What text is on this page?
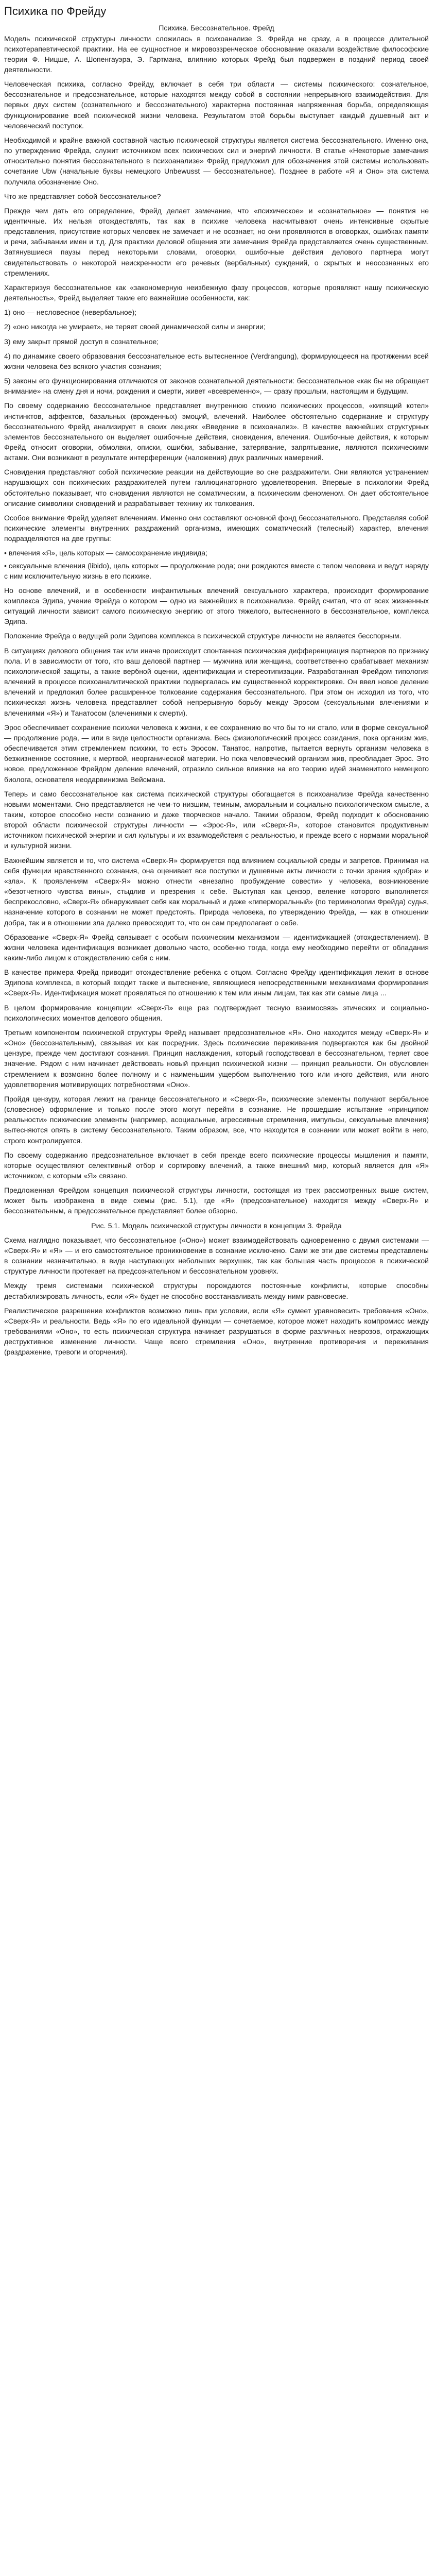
Психика по Фрейду
Психика. Бессознательное. Фрейд

Модель психической структуры личности сложилась в психоанализе З. Фрейда не сразу, а в процессе длительной психотерапевтической практики. На ее сущностное и мировоззренческое обоснование оказали воздействие философские теории Ф. Ницше, А. Шопенгауэра, Э. Гартмана, влиянию которых Фрейд был подвержен в поздний период своей деятельности.

Человеческая психика, согласно Фрейду, включает в себя три области — системы психического: сознательное, бессознательное и предсознательное, которые находятся между собой в состоянии непрерывного взаимодействия. Для первых двух систем (сознательного и бессознательного) характерна постоянная напряженная борьба, определяющая функционирование всей психической жизни человека. Результатом этой борьбы выступает каждый душевный акт и человеческий поступок.

Необходимой и крайне важной составной частью психической структуры является система бессознательного. Именно она, по утверждению Фрейда, служит источником всех психических сил и энергий личности. В статье «Некоторые замечания относительно понятия бессознательного в психоанализе» Фрейд предложил для обозначения этой системы использовать сочетание Ubw (начальные буквы немецкого Unbewusst — бессознательное). Позднее в работе «Я и Оно» эта система получила обозначение Оно.

Что же представляет собой бессознательное?

Прежде чем дать его определение, Фрейд делает замечание, что «психическое» и «сознательное» — понятия не идентичные. Их нельзя отождествлять, так как в психике человека насчитывают очень интенсивные скрытые представления, присутствие которых человек не замечает и не осознает, но они проявляются в оговорках, ошибках памяти и речи, забывании имен и т.д. Для практики деловой общения эти замечания Фрейда представляется очень существенным. Затянувшиеся паузы перед некоторыми словами, оговорки, ошибочные действия делового партнера могут свидетельствовать о некоторой неискренности его речевых (вербальных) суждений, о скрытых и неосознанных его стремлениях.

Характеризуя бессознательное как «закономерную неизбежную фазу процессов, которые проявляют нашу психическую деятельность», Фрейд выделяет такие его важнейшие особенности, как:

1) оно — несловесное (невербальное);

2) «оно никогда не умирает», не теряет своей динамической силы и энергии;

3) ему закрыт прямой доступ в сознательное;

4) по динамике своего образования бессознательное есть вытесненное (Verdrangung), формирующееся на протяжении всей жизни человека без всякого участия сознания;

5) законы его функционирования отличаются от законов сознательной деятельности: бессознательное «как бы не обращает внимание» на смену дня и ночи, рождения и смерти, живет «всевременно», — сразу прошлым, настоящим и будущим.

По своему содержанию бессознательное представляет внутреннюю стихию психических процессов, «кипящий котел» инстинктов, аффектов, базальных (врожденных) эмоций, влечений. Наиболее обстоятельно содержание и структуру бессознательного Фрейд анализирует в своих лекциях «Введение в психоанализ». В качестве важнейших структурных элементов бессознательного он выделяет ошибочные действия, сновидения, влечения. Ошибочные действия, к которым Фрейд относит оговорки, обмолвки, описки, ошибки, забывание, затерявание, запрятывание, являются психическими актами. Они возникают в результате интерференции (наложения) двух различных намерений.

Сновидения представляют собой психические реакции на действующие во сне раздражители. Они являются устранением нарушающих сон психических раздражителей путем галлюцинаторного удовлетворения. Впервые в психологии Фрейд обстоятельно показывает, что сновидения являются не соматическим, а психическим феноменом. Он дает обстоятельное описание символики сновидений и разрабатывает технику их толкования.

Особое внимание Фрейд уделяет влечениям. Именно они составляют основной фонд бессознательного. Представляя собой психические элементы внутренних раздражений организма, имеющих соматический (телесный) характер, влечения подразделяются на две группы:

• влечения «Я», цель которых — самосохранение индивида;
• сексуальные влечения (libido), цель которых — продолжение рода; они рождаются вместе с телом человека и ведут наряду с ним исключительную жизнь в его психике.

Но основе влечений, и в особенности инфантильных влечений сексуального характера, происходит формирование комплекса Эдипа, учение Фрейда о котором — одно из важнейших в психоанализе. Фрейд считал, что от всех жизненных ситуаций личности зависит самого психическую энергию от этого тяжелого, вытесненного в бессознательное, комплекса Эдипа.

Положение Фрейда о ведущей роли Эдипова комплекса в психической структуре личности не является бесспорным.

В ситуациях делового общения так или иначе происходит спонтанная психическая дифференциация партнеров по признаку пола. И в зависимости от того, кто ваш деловой партнер — мужчина или женщина, соответственно срабатывает механизм психологической защиты, а также вербной оценки, идентификации и стереотипизации. Разработанная Фрейдом типология влечений в процессе психоаналитической практики подвергалась им существенной корректировке. Он ввел новое деление влечений и предложил более расширенное толкование содержания бессознательного. При этом он исходил из того, что психическая жизнь человека представляет собой непрерывную борьбу между Эросом (сексуальными влечениями и влечениями «Я») и Танатосом (влечениями к смерти).

Эрос обеспечивает сохранение психики человека к жизни, к ее сохранению во что бы то ни стало, или в форме сексуальной — продолжение рода, — или в виде целостности организма. Весь физиологический процесс созидания, пока организм жив, обеспечивается этим стремлением психики, то есть Эросом. Танатос, напротив, пытается вернуть организм человека в безжизненное состояние, к мертвой, неорганической материи. Но пока человеческий организм жив, преобладает Эрос. Это новое, предложенное Фрейдом деление влечений, отразило сильное влияние на его теорию идей знаменитого немецкого биолога, основателя неодарвинизма Вейсмана.

Теперь и само бессознательное как система психической структуры обогащается в психоанализе Фрейда качественно новыми моментами. Оно представляется не чем-то низшим, темным, аморальным и социально психологическом смысле, а таким, которое способно нести сознанию и даже творческое начало. Такими образом, Фрейд подходит к обоснованию второй области психической структуры личности — «Эрос-Я», или «Сверх-Я», которое становится продуктивным источником психической энергии и сил культуры и их взаимодействия с реальностью, и прежде всего с нормами моральной и культурной жизни.

Важнейшим является и то, что система «Сверх-Я» формируется под влиянием социальной среды и запретов. Принимая на себя функции нравственного сознания, она оценивает все поступки и душевные акты личности с точки зрения «добра» и «зла». К проявлениям «Сверх-Я» можно отнести «внезапно пробуждение совести» у человека, возникновение «безотчетного чувства вины», стыдлив и презрения к себе. Выступая как цензор, веление которого выполняется беспрекословно, «Сверх-Я» обнаруживает себя как моральный и даже «гиперморальный» (по терминологии Фрейда) судья, назначение которого в сознании не может предстоять. Природа человека, по утверждению Фрейда, — как в отношении добра, так и в отношении зла далеко превосходит то, что он сам предполагает о себе.

Образование «Сверх-Я» Фрейд связывает с особым психическим механизмом — идентификацией (отождествлением). В жизни человека идентификация возникает довольно часто, особенно тогда, когда ему необходимо перейти от обладания каким-либо лицом к отождествлению себя с ним.

В качестве примера Фрейд приводит отождествление ребенка с отцом. Согласно Фрейду идентификация лежит в основе Эдипова комплекса, в который входит также и вытеснение, являющиеся непосредственными механизмами формирования «Сверх-Я». Идентификация может проявляться по отношению к тем или иным лицам, так как эти самые лица ...

В целом формирование концепции «Сверх-Я» еще раз подтверждает тесную взаимосвязь этических и социально-психологических моментов делового общения.

Третьим компонентом психической структуры Фрейд называет предсознательное «Я». Оно находится между «Сверх-Я» и «Оно» (бессознательным), связывая их как посредник. Здесь психические переживания подвергаются как бы двойной цензуре, прежде чем достигают сознания. Принцип наслаждения, который господствовал в бессознательном, теряет свое значение. Рядом с ним начинает действовать новый принцип психической жизни — принцип реальности. Он обусловлен стремлением к возможно более полному и с наименьшим ущербом выполнению того или иного действия, или иного удовлетворения мотивирующих потребностями «Оно».

Пройдя цензуру, которая лежит на границе бессознательного и «Сверх-Я», психические элементы получают вербальное (словесное) оформление и только после этого могут перейти в сознание. Не прошедшие испытание «принципом реальности» психические элементы (например, асоциальные, агрессивные стремления, импульсы, сексуальные влечения) вытесняются опять в систему бессознательного. Таким образом, все, что находится в сознании или может войти в него, строго контролируется.

По своему содержанию предсознательное включает в себя прежде всего психические процессы мышления и памяти, которые осуществляют селективный отбор и сортировку влечений, а также внешний мир, который является для «Я» источником, с которым «Я» связано.

Предложенная Фрейдом концепция психической структуры личности, состоящая из трех рассмотренных выше систем, может быть изображена в виде схемы (рис. 5.1), где «Я» (предсознательное) находится между «Сверх-Я» и бессознательным, а предсознательное представляет более обзорно.

Рис. 5.1. Модель психической структуры личности в концепции З. Фрейда

Схема наглядно показывает, что бессознательное («Оно») может взаимодействовать одновременно с двумя системами — «Сверх-Я» и «Я» — и его самостоятельное проникновение в сознание исключено. Сами же эти две системы представлены в сознании незначительно, в виде наступающих небольших верхушек, так как большая часть процессов в психической структуре личности протекает на предсознательном и бессознательном уровнях.

Между тремя системами психической структуры порождаются постоянные конфликты, которые способны дестабилизировать личность, если «Я» будет не способно восстанавливать между ними равновесие.

Реалистическое разрешение конфликтов возможно лишь при условии, если «Я» сумеет уравновесить требования «Оно», «Сверх-Я» и реальности. Ведь «Я» по его идеальной функции — сочетаемое, которое может находить компромисс между требованиями «Оно», то есть психическая структура начинает разрушаться в форме различных неврозов, отражающих деструктивное изменение личности. Чаще всего стремления «Оно», внутренние противоречия и переживания (раздражение, тревоги и огорчения).
